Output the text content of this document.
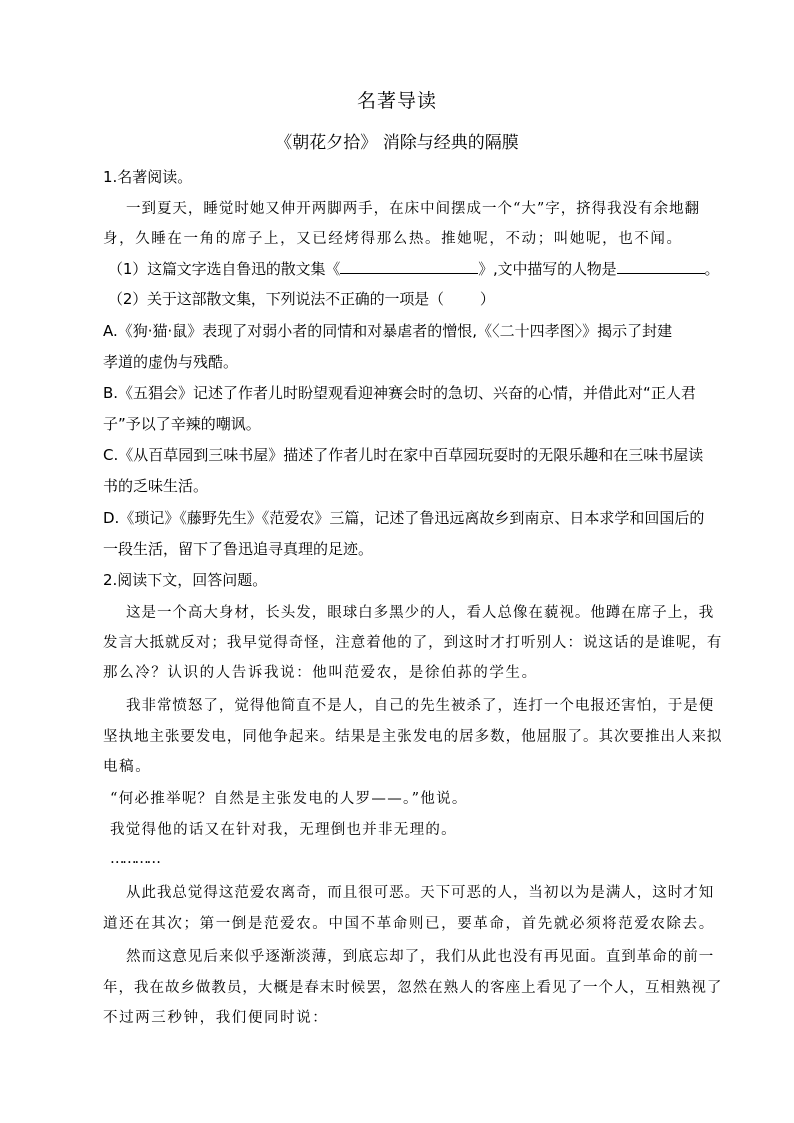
名著导读
《朝花夕拾》 消除与经典的隔膜
1.名著阅读。
一到夏天，睡觉时她又伸开两脚两手，在床中间摆成一个“大”字，挤得我没有余地翻
身，久睡在一角的席子上，又已经烤得那么热。推她呢，不动；叫她呢，也不闻。
（1）这篇文字选自鲁迅的散文集《	》,文中描写的人物是	。
（2）关于这部散文集，下列说法不正确的一项是（ ）
A.《狗·猫·鼠》表现了对弱小者的同情和对暴虐者的憎恨,《〈二十四孝图〉》揭示了封建
孝道的虚伪与残酷。
B.《五猖会》记述了作者儿时盼望观看迎神赛会时的急切、兴奋的心情，并借此对“正人君
子”予以了辛辣的嘲讽。
C.《从百草园到三味书屋》描述了作者儿时在家中百草园玩耍时的无限乐趣和在三味书屋读
书的乏味生活。
D.《琐记》《藤野先生》《范爱农》三篇，记述了鲁迅远离故乡到南京、日本求学和回国后的
一段生活，留下了鲁迅追寻真理的足迹。
2.阅读下文，回答问题。
这是一个高大身材，长头发，眼球白多黑少的人，看人总像在藐视。他蹲在席子上，我
发言大抵就反对；我早觉得奇怪，注意着他的了，到这时才打听别人：说这话的是谁呢，有
那么冷？认识的人告诉我说：他叫范爱农，是徐伯荪的学生。
我非常愤怒了，觉得他简直不是人，自己的先生被杀了，连打一个电报还害怕，于是便
坚执地主张要发电，同他争起来。结果是主张发电的居多数，他屈服了。其次要推出人来拟
电稿。
“何必推举呢？自然是主张发电的人罗——。”他说。
我觉得他的话又在针对我，无理倒也并非无理的。
…………
从此我总觉得这范爱农离奇，而且很可恶。天下可恶的人，当初以为是满人，这时才知
道还在其次；第一倒是范爱农。中国不革命则已，要革命，首先就必须将范爱农除去。
然而这意见后来似乎逐渐淡薄，到底忘却了，我们从此也没有再见面。直到革命的前一
年，我在故乡做教员，大概是春末时候罢，忽然在熟人的客座上看见了一个人，互相熟视了
不过两三秒钟，我们便同时说：
